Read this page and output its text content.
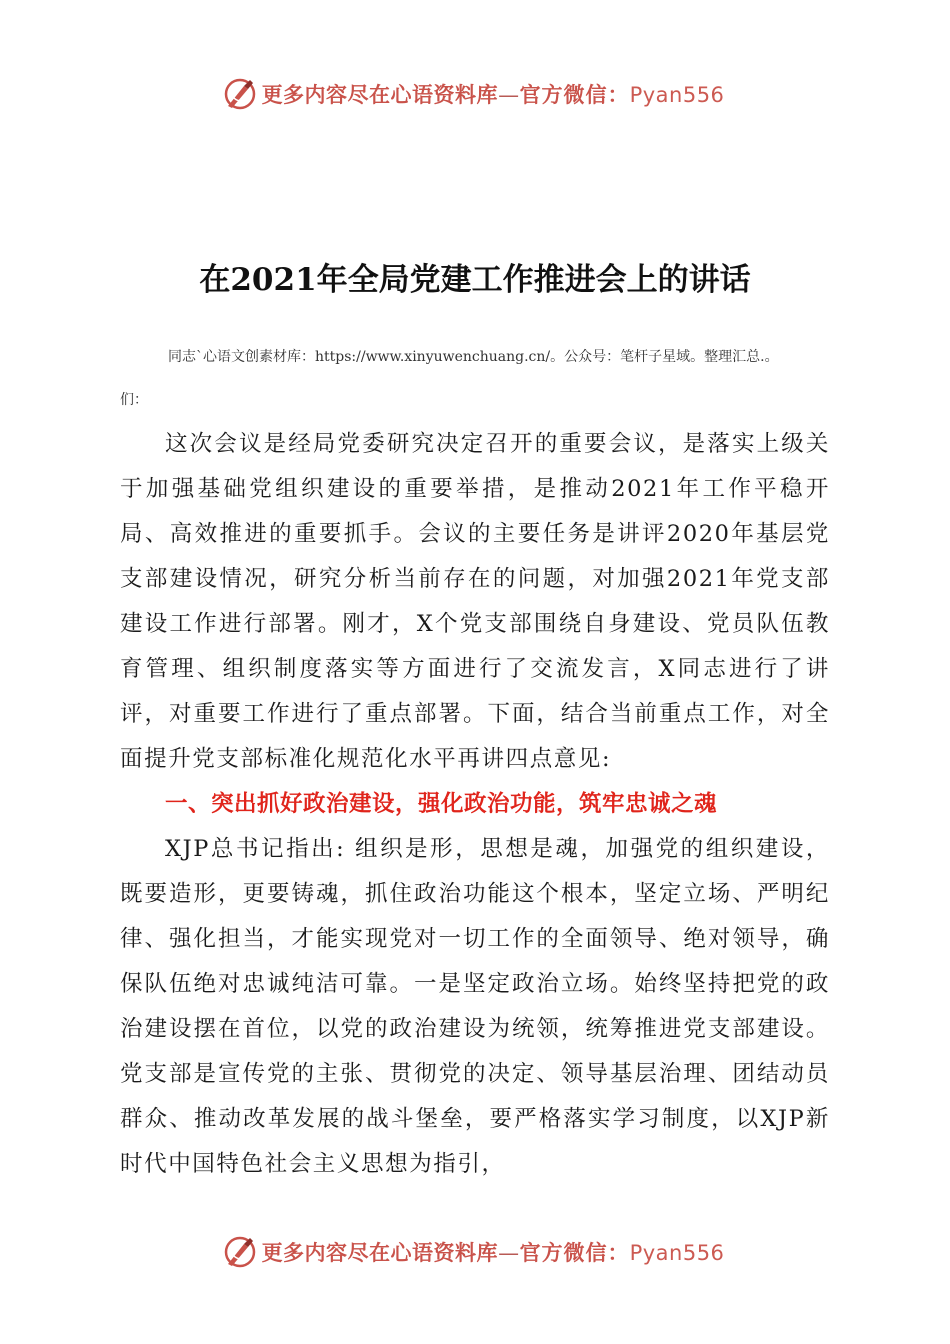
更多内容尽在心语资料库—官方微信：Pyan556
在2021年全局党建工作推进会上的讲话
同志`心语文创素材库：https://www.xinyuwenchuang.cn/。公众号：笔杆子星域。整理汇总.。
们：

这次会议是经局党委研究决定召开的重要会议，是落实上级关于加强基础党组织建设的重要举措，是推动2021年工作平稳开局、高效推进的重要抓手。会议的主要任务是讲评2020年基层党支部建设情况，研究分析当前存在的问题，对加强2021年党支部建设工作进行部署。刚才，X个党支部围绕自身建设、党员队伍教育管理、组织制度落实等方面进行了交流发言，X同志进行了讲评，对重要工作进行了重点部署。下面，结合当前重点工作，对全面提升党支部标准化规范化水平再讲四点意见:

一、突出抓好政治建设，强化政治功能，筑牢忠诚之魂

XJP总书记指出: 组织是形，思想是魂，加强党的组织建设，既要造形，更要铸魂，抓住政治功能这个根本，坚定立场、严明纪律、强化担当，才能实现党对一切工作的全面领导、绝对领导，确保队伍绝对忠诚纯洁可靠。一是坚定政治立场。始终坚持把党的政治建设摆在首位，以党的政治建设为统领，统筹推进党支部建设。党支部是宣传党的主张、贯彻党的决定、领导基层治理、团结动员群众、推动改革发展的战斗堡垒，要严格落实学习制度，以XJP新时代中国特色社会主义思想为指引，

更多内容尽在心语资料库—官方微信：Pyan556
